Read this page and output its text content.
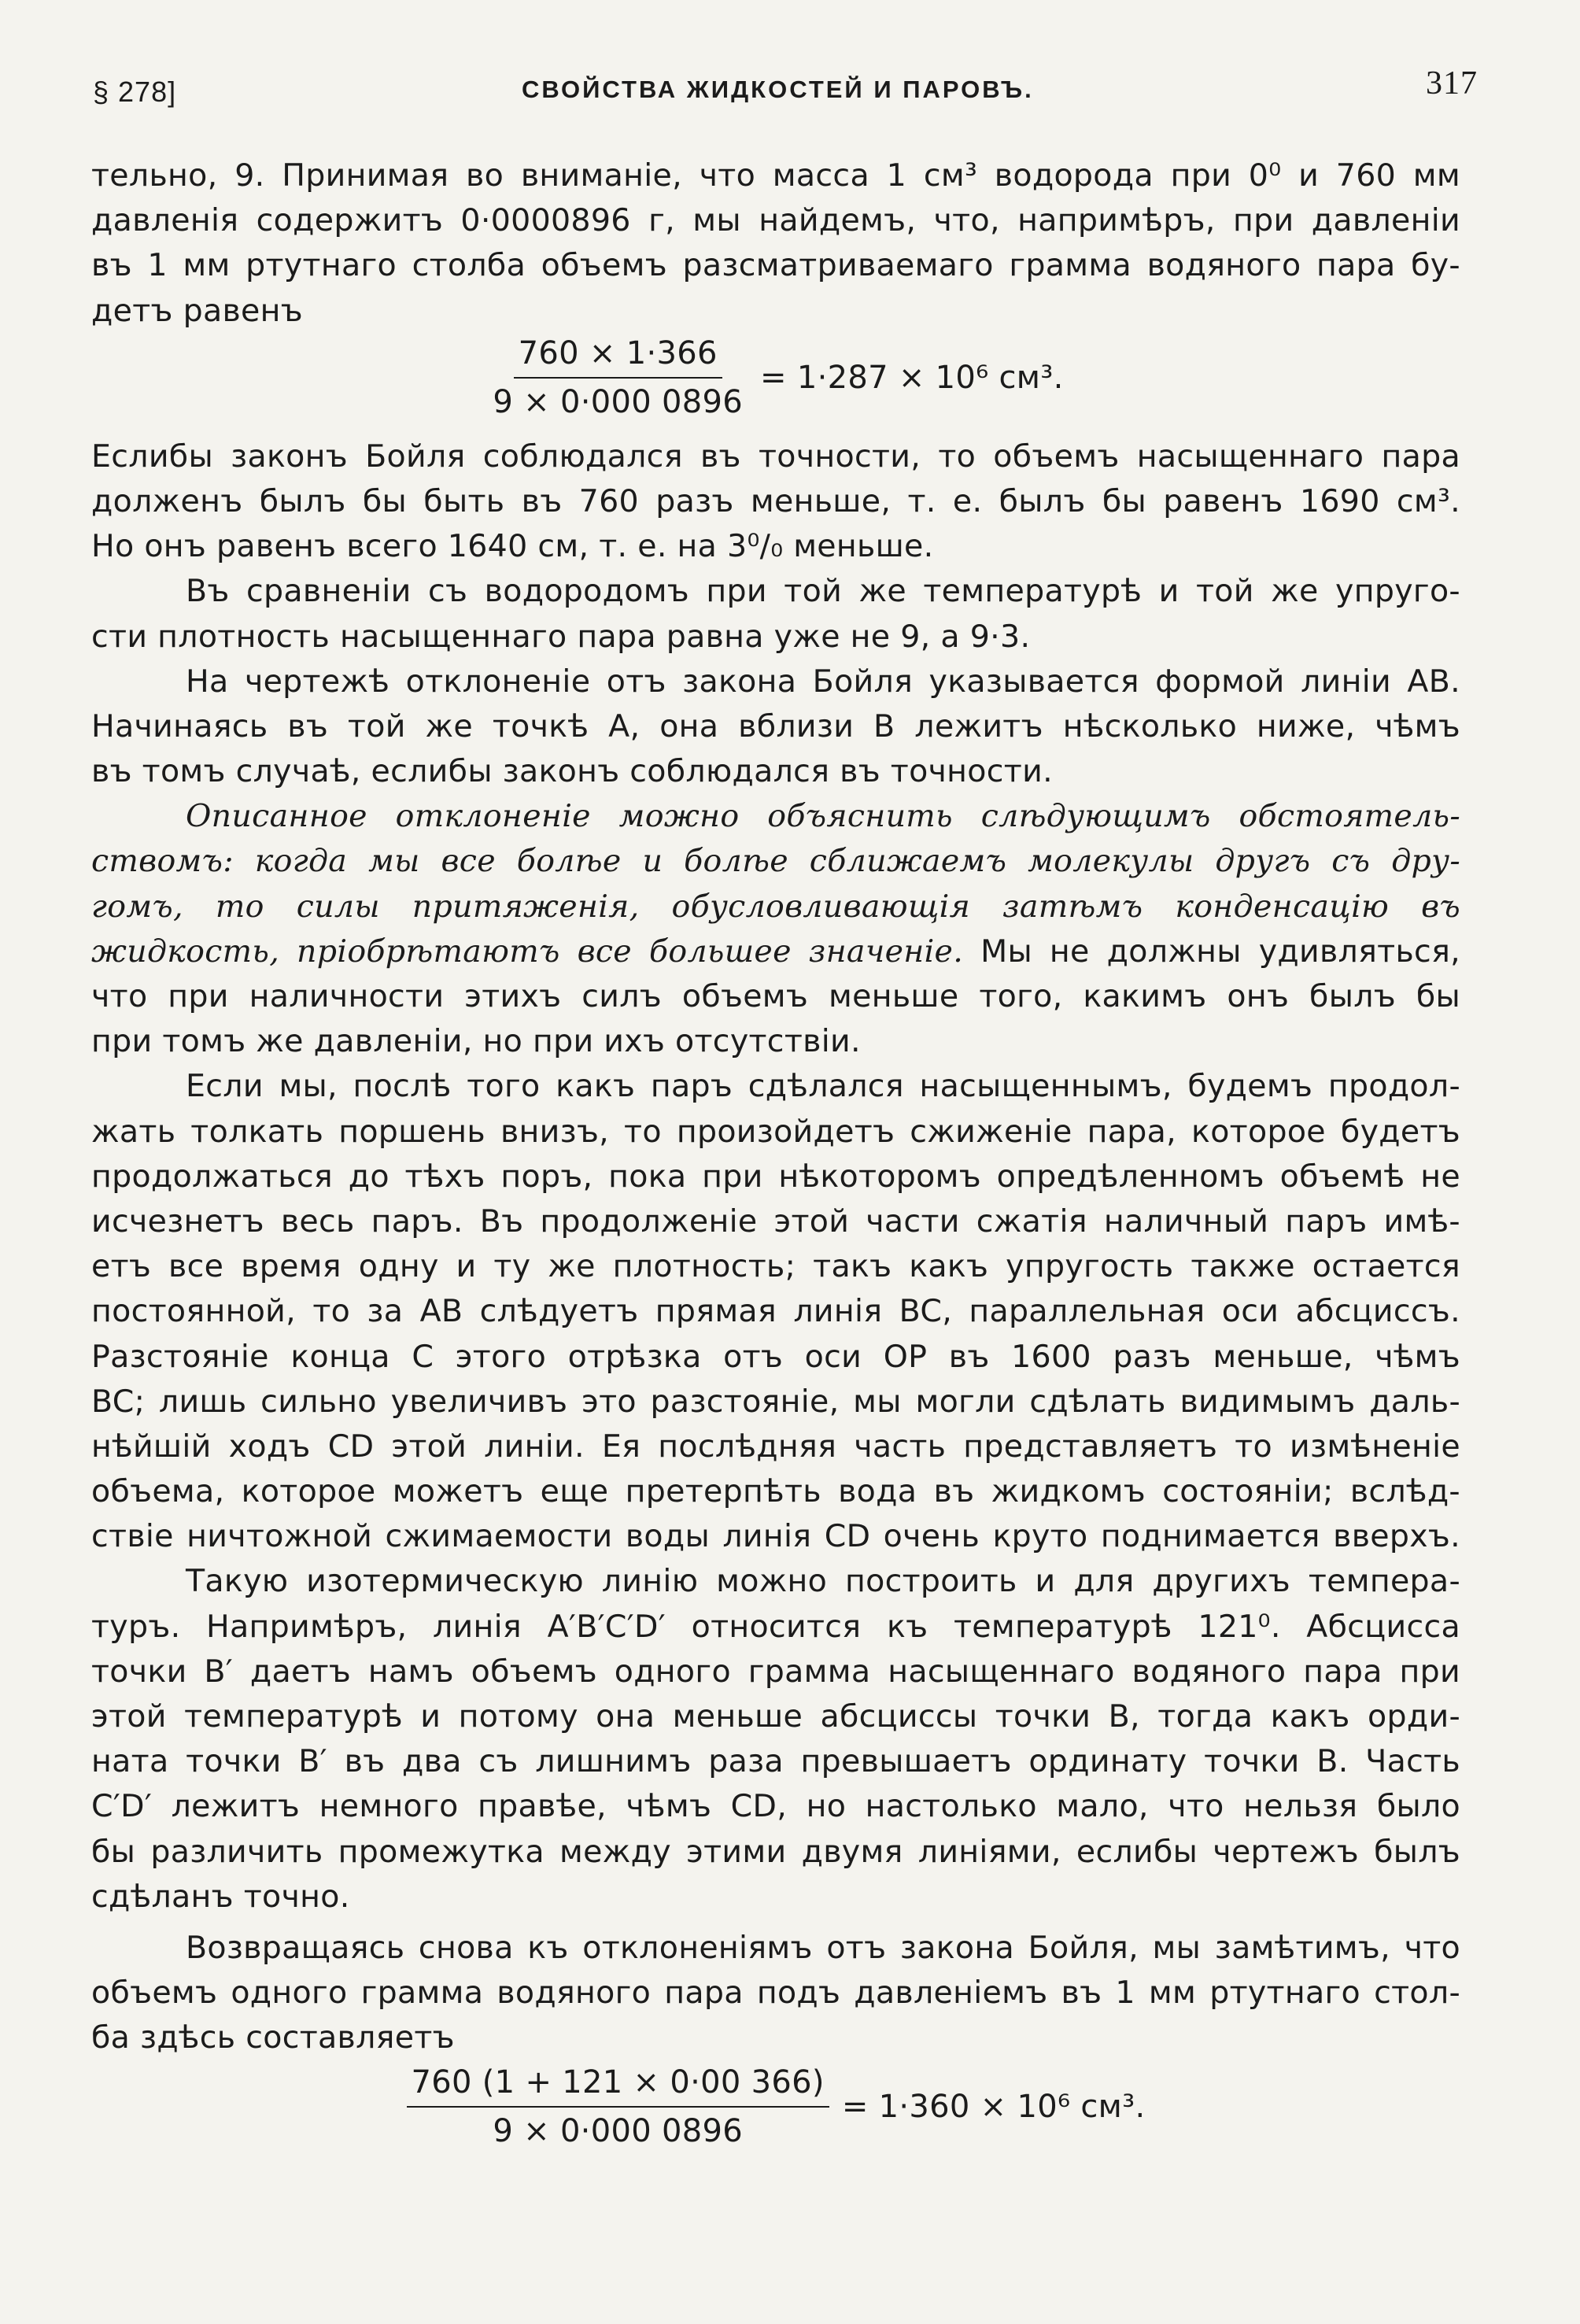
§ 278]	СВОЙСТВА ЖИДКОСТЕЙ И ПАРОВЪ.	317
тельно, 9. Принимая во вниманіе, что масса 1 см³ водорода при 0⁰ и 760 мм
давленія содержитъ 0·0000896 г, мы найдемъ, что, напримѣръ, при давленіи
въ 1 мм ртутнаго столба объемъ разсматриваемаго грамма водяного пара бу-
детъ равенъ
$\frac{760 ⨯ 1\cdot 366}{9 ⨯ 0\cdot 000 0896} = 1\cdot 287$ ⨯ 10⁶ см³.
Еслибы законъ Бойля соблюдался въ точности, то объемъ насыщеннаго пара
долженъ былъ бы быть въ 760 разъ меньше, т. е. былъ бы равенъ 1690 см³.
Но онъ равенъ всего 1640 см, т. е. на 3⁰/₀ меньше.
Въ сравненіи съ водородомъ при той же температурѣ и той же упруго-
сти плотность насыщеннаго пара равна уже не 9, а 9·3.
На чертежѣ отклоненіе отъ закона Бойля указывается формой линіи AB.
Начинаясь въ той же точкѣ A, она вблизи B лежитъ нѣсколько ниже, чѣмъ
въ томъ случаѣ, еслибы законъ соблюдался въ точности.
Описанное отклоненіе можно объяснить слѣдующимъ обстоятель-
ствомъ: когда мы все болѣе и болѣе сближаемъ молекулы другъ съ дру-
гомъ, то силы притяженія, обусловливающія затѣмъ конденсацію въ
жидкость, пріобрѣтаютъ все большее значеніе. Мы не должны удивляться,
что при наличности этихъ силъ объемъ меньше того, какимъ онъ былъ бы
при томъ же давленіи, но при ихъ отсутствіи.
Если мы, послѣ того какъ паръ сдѣлался насыщеннымъ, будемъ продол-
жать толкать поршень внизъ, то произойдетъ сжиженіе пара, которое будетъ
продолжаться до тѣхъ поръ, пока при нѣкоторомъ опредѣленномъ объемѣ не
исчезнетъ весь паръ. Въ продолженіе этой части сжатія наличный паръ имѣ-
етъ все время одну и ту же плотность; такъ какъ упругость также остается
постоянной, то за AB слѣдуетъ прямая линія BC, параллельная оси абсциссъ.
Разстояніе конца C этого отрѣзка отъ оси OP въ 1600 разъ меньше, чѣмъ
BC; лишь сильно увеличивъ это разстояніе, мы могли сдѣлать видимымъ даль-
нѣйшій ходъ CD этой линіи. Ея послѣдняя часть представляетъ то измѣненіе
объема, которое можетъ еще претерпѣть вода въ жидкомъ состояніи; вслѣд-
ствіе ничтожной сжимаемости воды линія CD очень круто поднимается вверхъ.
Такую изотермическую линію можно построить и для другихъ темпера-
туръ. Напримѣръ, линія A′B′C′D′ относится къ температурѣ 121⁰. Абсцисса
точки B′ даетъ намъ объемъ одного грамма насыщеннаго водяного пара при
этой температурѣ и потому она меньше абсциссы точки B, тогда какъ орди-
ната точки B′ въ два съ лишнимъ раза превышаетъ ординату точки B. Часть
C′D′ лежитъ немного правѣе, чѣмъ CD, но настолько мало, что нельзя было
бы различить промежутка между этими двумя линіями, еслибы чертежъ былъ
сдѣланъ точно.
Возвращаясь снова къ отклоненіямъ отъ закона Бойля, мы замѣтимъ, что
объемъ одного грамма водяного пара подъ давленіемъ въ 1 мм ртутнаго стол-
ба здѣсь составляетъ
$\frac{760 (1 + 121 ⨯ 0\cdot 00 366)}{9 ⨯ 0\cdot 000 0896} = 1\cdot 360$ ⨯ 10⁶ см³.
